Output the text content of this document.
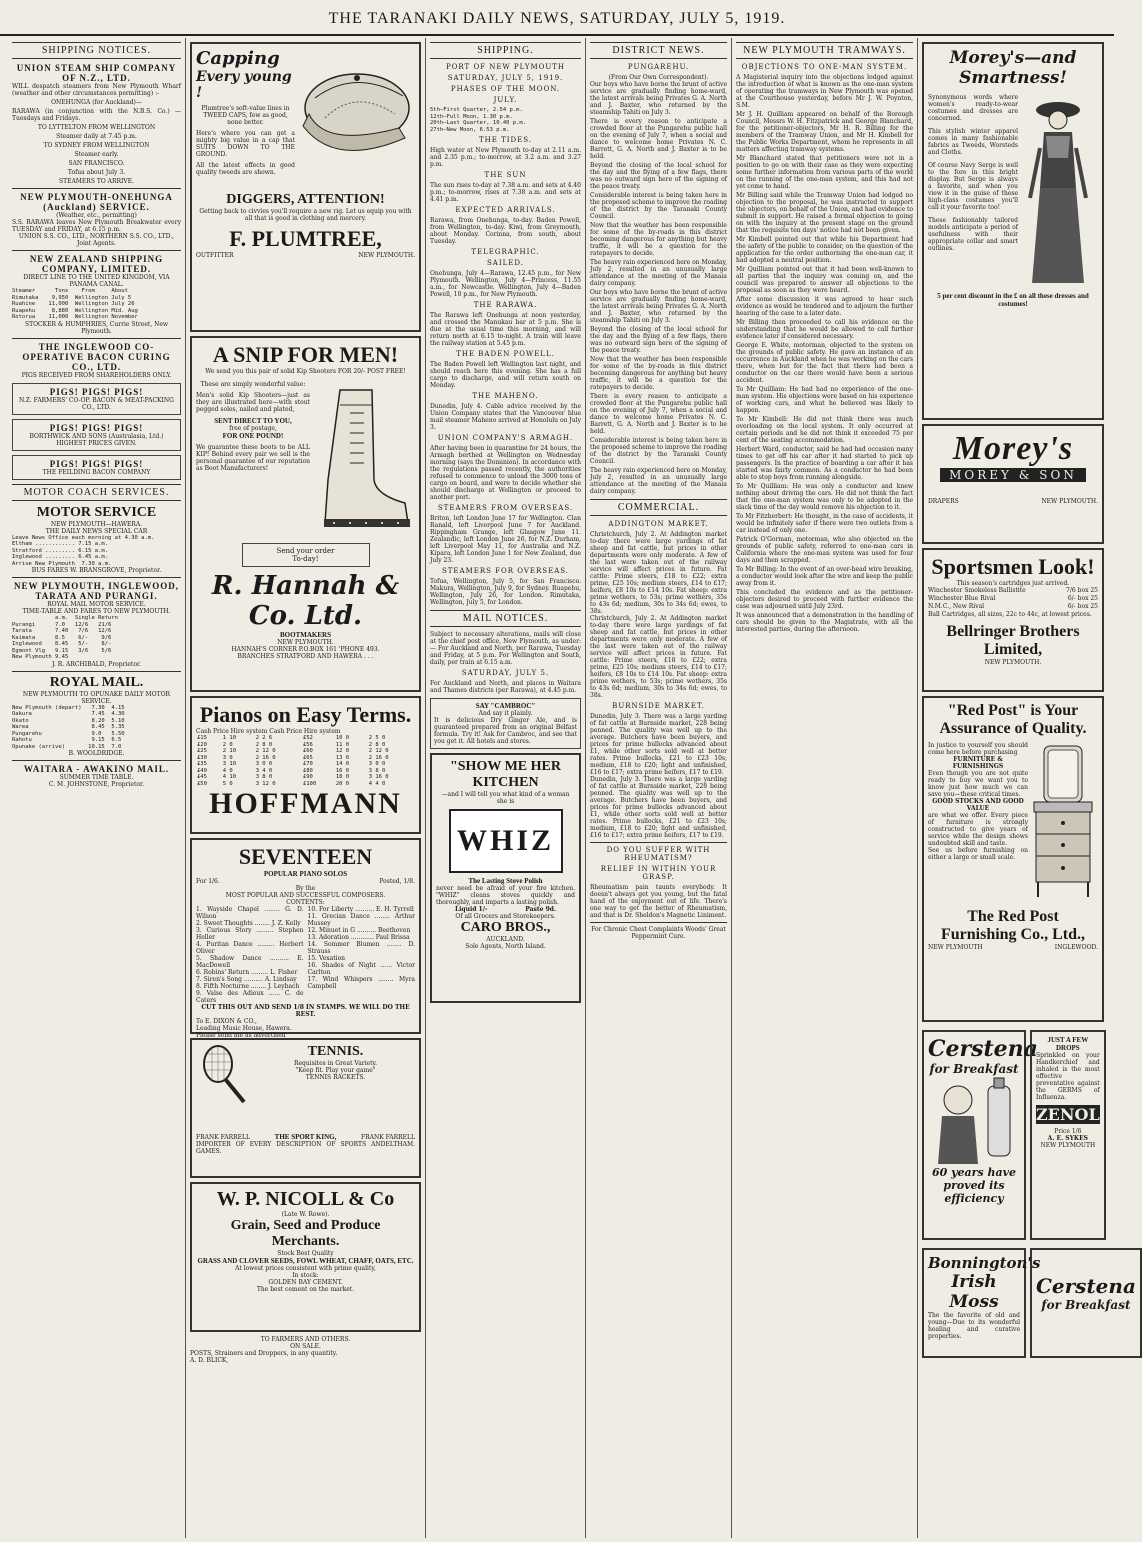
THE TARANAKI DAILY NEWS, SATURDAY, JULY 5, 1919.
SHIPPING NOTICES.
UNION STEAM SHIP COMPANY OF N.Z., LTD.

WILL despatch steamers from New Plymouth Wharf (weather and other circumstances permitting) :-

ONEHUNGA (for Auckland)—

RARAWA (in conjunction with the N.B.S. Co.) —Tuesdays and Fridays.

TO LYTTELTON FROM WELLINGTON

Steamer daily at 7.45 p.m.

TO SYDNEY FROM WELLINGTON

Steamer early.

SAN FRANCISCO.

Tofua about July 3.

STEAMERS TO ARRIVE.

NEW PLYMOUTH-ONEHUNGA (Auckland) SERVICE.
(Weather, etc., permitting)
S.S. RARAWA leaves New Plymouth Breakwater every TUESDAY and FRIDAY, at 6.15 p.m.
UNION S.S. CO., LTD., NORTHERN S.S. CO., LTD., Joint Agents.
NEW ZEALAND SHIPPING COMPANY, LIMITED.
DIRECT LINE TO THE UNITED KINGDOM, VIA PANAMA CANAL.
Steamer      Tons    From     About
Rimutaka    9,950  Wellington July 5
Ruahine    11,000  Wellington July 26
Ruapehu     8,880  Wellington Mid. Aug
Rotorua    11,000  Wellington November
STOCKER & HUMPHRIES, Currie Street, New Plymouth.
THE INGLEWOOD CO-OPERATIVE BACON CURING CO., LTD.
PIGS RECEIVED FROM SHAREHOLDERS ONLY.
PIGS! PIGS! PIGS!
N.Z. FARMERS' CO-OP. BACON & MEAT-PACKING CO., LTD.
PIGS! PIGS! PIGS!
BORTHWICK AND SONS (Australasia, Ltd.) HIGHEST PRICES GIVEN.
PIGS! PIGS! PIGS!
THE FEILDING BACON COMPANY
MOTOR COACH SERVICES.
MOTOR SERVICE
NEW PLYMOUTH—HAWERA.
THE DAILY NEWS SPECIAL CAR
Leave News Office each morning at 4.30 a.m.
Eltham ............ 7.15 a.m.
Stratford ......... 6.15 a.m.
Inglewood ......... 6.45 a.m.
Arrive New Plymouth  7.30 a.m.
BUS FARES W. BRANSGROVE, Proprietor.
NEW PLYMOUTH, INGLEWOOD, TARATA AND PURANGI.
ROYAL MAIL MOTOR SERVICE.
TIME-TABLE AND FARES TO NEW PLYMOUTH.
a.m.  Single Return
Purangi      7.0   12/6   21/6
Tarata       7.40   7/6   12/6
Kaimata      8.5    6/-    9/6
Inglewood    8.45   5/-    8/-
Egmont Vlg   9.15   3/6    5/6
New Plymouth 9.45
J. R. ARCHIBALD, Proprietor.
ROYAL MAIL.
NEW PLYMOUTH TO OPUNAKE DAILY MOTOR SERVICE.
New Plymouth (depart)   7.30  4.15
Oakura                  7.45  4.30
Okato                   8.20  5.10
Warea                   8.45  5.35
Pungarehu               9.0   5.50
Rahotu                  9.15  6.5
Opunake (arrive)       10.15  7.0
B. WOOLDRIDGE.
WAITARA - AWAKINO MAIL.
SUMMER TIME TABLE.
C. M. JOHNSTONE, Proprietor.
Capping
Every young !
Plumtree's soft-value lines in TWEED CAPS, few as good, none better.
Here's where you can get a mighty big value in a cap that SUITS DOWN TO THE GROUND.
All the latest effects in good quality tweeds are shown.
DIGGERS, ATTENTION!
Getting back to civvies you'll require a new rig. Let us equip you with all that is good in clothing and mercery.
F. PLUMTREE,
OUTFITTER	NEW PLYMOUTH.
A SNIP FOR MEN!
We send you this pair of solid Kip Shooters FOR 20/- POST FREE!
These are simply wonderful value:
Men's solid Kip Shooters—just as they are illustrated here—with stout pegged soles, nailed and plated,
SENT DIRECT TO YOU,
free of postage,
FOR ONE POUND!
We guarantee these boots to be ALL KIP! Behind every pair we sell is the personal guarantee of our reputation as Boot Manufacturers!
Send your order
To-day!
R. Hannah & Co. Ltd.
BOOTMAKERS
NEW PLYMOUTH.
HANNAH'S CORNER P.O.BOX 161 'PHONE 493.
BRANCHES STRATFORD AND HAWERA . . .
Pianos on Easy Terms.
Cash Price Hire system Cash Price Hire system
£15	1 10	2 2 6	£52	10 0	2 5 0
£20	2 0	2 8 0	£56	11 0	2 8 0
£25	2 10	2 12 0	£60	12 0	2 12 0
£30	3 0	2 16 0	£65	13 0	2 16 0
£35	3 10	3 0 0	£70	14 0	3 0 0
£40	4 0	3 4 0	£80	16 0	3 8 0
£45	4 10	3 8 0	£90	18 0	3 16 0
£50	5 0	3 12 0	£100	20 0	4 4 0
HOFFMANN
SEVENTEEN
POPULAR PIANO SOLOS
For 1/6.	Posted, 1/8.
By the
MOST POPULAR AND SUCCESSFUL COMPOSERS.
CONTENTS:
1. Wayside Chapel ........ G. D. Wilson
2. Sweet Thoughts ........ J. Z. Kelly
3. Curious Story ......... Stephen Heller
4. Puritan Dance ......... Herbert Oliver
5. Shadow Dance .......... E. MacDowell
6. Robins' Return ......... L. Fisher
7. Siren's Song .......... A. Lindsay
8. Fifth Nocturne ........ J. Leybach
9. Valse des Adieux ...... C. de Caters
10. For Liberty .......... E. H. Tyrrell
11. Grecian Dance ........ Arthur Mussey
12. Minuet in G .......... Beethoven
13. Adoration ............ Paul Brissa
14. Sommer Blumen ........ D. Strauss
15. Vexation
16. Shades of Night ...... Victor Carlton
17. Wind Whispers ........ Myra Campbell
CUT THIS OUT AND SEND 1/8 IN STAMPS. WE WILL DO THE REST.
To E. DIXON & CO.,
Leading Music House, Hawera.
Please send me as advertised
TENNIS.
Requisites in Great Variety.
"Keep fit. Play your game"
TENNIS RACKETS.
FRANK FARRELL	THE SPORT KING,	FRANK FARRELL
IMPORTER OF EVERY DESCRIPTION OF SPORTS AND GAMES.
ELTHAM.
W. P. NICOLL & Co
(Late W. Rowe).
Grain, Seed and Produce Merchants.
Stock Best Quality
GRASS AND CLOVER SEEDS, FOWL WHEAT, CHAFF, OATS, ETC.
At lowest prices consistent with prime quality,
In stock:
GOLDEN BAY CEMENT.
The best cement on the market.
TO FARMERS AND OTHERS.
ON SALE.
POSTS, Strainers and Droppers, in any quantity.
A. D. BLICK,
SHIPPING.
PORT OF NEW PLYMOUTH
SATURDAY, JULY 5, 1919.
PHASES OF THE MOON.
JULY.
5th—First Quarter, 2.54 p.m.
12th—Full Moon, 1.30 p.m.
20th—Last Quarter, 10.40 p.m.
27th—New Moon, 6.53 p.m.
THE TIDES.
High water at New Plymouth to-day at 2.11 a.m. and 2.35 p.m.; to-morrow, at 3.2 a.m. and 3.27 p.m.
THE SUN
The sun rises to-day at 7.38 a.m. and sets at 4.40 p.m.; to-morrow, rises at 7.38 a.m. and sets at 4.41 p.m.
EXPECTED ARRIVALS.
Rarawa, from Onehunga, to-day. Baden Powell, from Wellington, to-day. Kiwi, from Greymouth, about Monday. Corinna, from south, about Tuesday.
TELEGRAPHIC.
SAILED.
Onehunga, July 4—Rarawa, 12.45 p.m., for New Plymouth. Wellington, July 4—Princess, 11.55 a.m., for Newcastle. Wellington, July 4—Baden Powell, 10 p.m., for New Plymouth.
THE RARAWA.
The Rarawa left Onehunga at noon yesterday, and crossed the Manukau bar at 5 p.m. She is due at the usual time this morning, and will return north at 6.15 to-night. A train will leave the railway station at 5.45 p.m.
THE BADEN POWELL.
The Baden Powell left Wellington last night, and should reach here this evening. She has a full cargo to discharge, and will return south on Monday.
THE MAHENO.
Dunedin, July 4. Cable advice received by the Union Company states that the Vancouver blue mail steamer Maheno arrived at Honolulu on July 3.
UNION COMPANY'S ARMAGH.
After having been in quarantine for 24 hours, the Armagh berthed at Wellington on Wednesday morning (says the Dominion). In accordance with the regulations passed recently, the authorities refused to commence to unload the 3000 tons of cargo on board, and were to decide whether she should discharge at Wellington or proceed to another port.
STEAMERS FROM OVERSEAS.
Briton, left London June 17 for Wellington. Clan Ranald, left Liverpool June 7 for Auckland. Rippingham Grange, left Glasgow June 11. Zealandic, left London June 26, for N.Z. Durham, left Liverpool May 11, for Australia and N.Z. Kipara, left London June 1 for New Zealand, due July 23.
STEAMERS FOR OVERSEAS.
Tofua, Wellington, July 5, for San Francisco. Makura, Wellington, July 9, for Sydney. Ruapehu, Wellington, July 26, for London. Rimutaka, Wellington, July 5, for London.
MAIL NOTICES.
Subject to necessary alterations, mails will close at the chief post office, New Plymouth, as under:— For Auckland and North, per Rarawa, Tuesday and Friday, at 5 p.m. For Wellington and South, daily, per train at 6.15 a.m.
SATURDAY, JULY 5.
For Auckland and North, and places in Waitara and Thames districts (per Rarawa), at 4.45 p.m.
SAY "CAMBROC"
And say it plainly.
It is delicious Dry Ginger Ale, and is guaranteed prepared from an original Belfast formula. Try it! Ask for Cambroc, and see that you get it. All hotels and stores.
"SHOW ME HER KITCHEN
—and I will tell you what kind of a woman she is
WHIZ
The Lasting Stove Polish
never need be afraid of your fire kitchen. "WHIZ" cleans stoves quickly and thoroughly, and imparts a lasting polish.
Liquid 1/-	Paste 9d.
Of all Grocers and Storekeepers.
CARO BROS.,
AUCKLAND.
Sole Agents, North Island.
DISTRICT NEWS.
PUNGAREHU.
(From Our Own Correspondent).

Our boys who have borne the brunt of active service are gradually finding home-ward, the latest arrivals being Privates G. A. North and J. Baxter, who returned by the steamship Tahiti on July 3.

There is every reason to anticipate a crowded floor at the Pungarehu public hall on the evening of July 7, when a social and dance to welcome home Privates N. C. Barrett, G. A. North and J. Baxter is to be held.

Beyond the closing of the local school for the day and the flying of a few flags, there was no outward sign here of the signing of the peace treaty.

Considerable interest is being taken here in the proposed scheme to improve the roading of the district by the Taranaki County Council.

Now that the weather has been responsible for some of the by-roads in this district becoming dangerous for anything but heavy traffic, it will be a question for the ratepayers to decide.

The heavy rain experienced here on Monday, July 2, resulted in an unusually large attendance at the meeting of the Manaia dairy company.

Our boys who have borne the brunt of active service are gradually finding home-ward, the latest arrivals being Privates G. A. North and J. Baxter, who returned by the steamship Tahiti on July 3.

Beyond the closing of the local school for the day and the flying of a few flags, there was no outward sign here of the signing of the peace treaty.

Now that the weather has been responsible for some of the by-roads in this district becoming dangerous for anything but heavy traffic, it will be a question for the ratepayers to decide.

There is every reason to anticipate a crowded floor at the Pungarehu public hall on the evening of July 7, when a social and dance to welcome home Privates N. C. Barrett, G. A. North and J. Baxter is to be held.

Considerable interest is being taken here in the proposed scheme to improve the roading of the district by the Taranaki County Council.

The heavy rain experienced here on Monday, July 2, resulted in an unusually large attendance at the meeting of the Manaia dairy company.

COMMERCIAL.
ADDINGTON MARKET.
Christchurch, July 2. At Addington market to-day there were large yardings of fat sheep and fat cattle, but prices in other departments were only moderate. A few of the last were taken out of the railway service will affect prices in future. Fat cattle: Prime steers, £18 to £22; extra prime, £25 10s; medium steers, £14 to £17; heifers, £8 10s to £14 10s. Fat sheep: extra prime wethers, to 53s; prime wethers, 35s to 43s 6d; medium, 30s to 34s 6d; ewes, to 38s.
Christchurch, July 2. At Addington market to-day there were large yardings of fat sheep and fat cattle, but prices in other departments were only moderate. A few of the last were taken out of the railway service will affect prices in future. Fat cattle: Prime steers, £18 to £22; extra prime, £25 10s; medium steers, £14 to £17; heifers, £8 10s to £14 10s. Fat sheep: extra prime wethers, to 53s; prime wethers, 35s to 43s 6d; medium, 30s to 34s 6d; ewes, to 38s.
BURNSIDE MARKET.
Dunedin, July 3. There was a large yarding of fat cattle at Burnside market, 228 being penned. The quality was well up to the average. Butchers have been buyers, and prices for prime bullocks advanced about £1, while other sorts sold well at better rates. Prime bullocks, £21 to £23 10s; medium, £18 to £20; light and unfinished, £16 to £17; extra prime heifers, £17 to £19.
Dunedin, July 3. There was a large yarding of fat cattle at Burnside market, 228 being penned. The quality was well up to the average. Butchers have been buyers, and prices for prime bullocks advanced about £1, while other sorts sold well at better rates. Prime bullocks, £21 to £23 10s; medium, £18 to £20; light and unfinished, £16 to £17; extra prime heifers, £17 to £19.
DO YOU SUFFER WITH RHEUMATISM?
RELIEF IN WITHIN YOUR GRASP.
Rheumatism pain taunts everybody. It doesn't always get you young, but the fatal hand of the enjoyment out of life. There's one way to get the better of Rheumatism, and that is Dr. Sheldon's Magnetic Liniment.
For Chronic Chest Complaints Woods' Great Peppermint Cure.
NEW PLYMOUTH TRAMWAYS.
OBJECTIONS TO ONE-MAN SYSTEM.

A Magisterial inquiry into the objections lodged against the introduction of what is known as the one-man system of operating the tramways in New Plymouth was opened at the Courthouse yesterday, before Mr J. W. Poynton, S.M.

Mr J. H. Quilliam appeared on behalf of the Borough Council, Messrs W. H. Fitzpatrick and George Blanchard, for the petitioner-objectors, Mr H. R. Billing for the members of the Tramway Union, and Mr H. Kimbell for the Public Works Department, whom he represents in all matters affecting tramway systems.

Mr Blanchard stated that petitioners were not in a position to go on with their case as they were expecting some further information from various parts of the world on the running of the one-man system, and this had not yet come to hand.

Mr Billing said while the Tramway Union had lodged no objection to the proposal, he was instructed to support the objectors, on behalf of the Union, and had evidence to submit in support. He raised a formal objection to going on with the inquiry at the present stage on the ground that the requisite ten days' notice had not been given.

Mr Kimbell pointed out that while his Department had the safety of the public to consider, on the question of the application for the order authorising the one-man car, it had adopted a neutral position.

Mr Quilliam pointed out that it had been well-known to all parties that the inquiry was coming on, and the council was prepared to answer all objections to the proposal as soon as they were heard.

After some discussion it was agreed to hear such evidence as would be tendered and to adjourn the further hearing of the case to a later date.

Mr Billing then proceeded to call his evidence on the understanding that he would be allowed to call further evidence later if considered necessary.

George E. White, motorman, objected to the system on the grounds of public safety. He gave an instance of an occurrence in Auckland when he was working on the cars there, when but for the fact that there had been a conductor on the car there would have been a serious accident.

To Mr Quilliam: He had had no experience of the one-man system. His objections were based on his experience of working cars, and what he believed was likely to happen.

To Mr Kimbell: He did not think there was much overloading on the local system. It only occurred at certain periods and he did not think it exceeded 75 per cent of the seating accommodation.

Herbert Ward, conductor, said he had had occasion many times to get off his car after it had started to pick up passengers. In the practice of boarding a car after it has started was fairly common. As a conductor he had been able to stop boys from running alongside.

To Mr Quilliam: He was only a conductor and knew nothing about driving the cars. He did not think the fact that the one-man system was only to be adopted in the slack time of the day would remove his objection to it.

To Mr Fitzherbert: He thought, in the case of accidents, it would be infinitely safer if there were two outlets from a car instead of only one.

Patrick O'Gorman, motorman, who also objected on the grounds of public safety, referred to one-man cars in California where the one-man system was used for four days and then scrapped.

To Mr Billing: In the event of an over-head wire breaking, a conductor would look after the wire and keep the public away from it.

This concluded the evidence and as the petitioner-objectors desired to proceed with further evidence the case was adjourned until July 23rd.

It was announced that a demonstration in the handling of cars should be given to the Magistrate, with all the interested parties, during the afternoon.

Morey's—and Smartness!
Synonymous words where women's ready-to-wear costumes and dresses are concerned.
This stylish winter apparel comes in many fashionable fabrics as Tweeds, Worsteds and Cloths.
Of course Navy Serge is well to the fore in this bright display. But Serge is always a favorite, and when you view it in the guise of these high-class costumes you'll call it your favorite too!
These fashionably tailored models anticipate a period of usefulness with their appropriate collar and smart outlines.
5 per cent discount in the £ on all these dresses and costumes!
Morey's
MOREY & SON
DRAPERS	NEW PLYMOUTH.
Sportsmen Look!
This season's cartridges just arrived.
Winchester Smokeless Ballistite	7/6 box 25
Winchester Blue Rival	6/- box 25
N.M.C., New Rival	6/- box 25
Ball Cartridges, all sizes, 22c to 44c, at lowest prices.
Bellringer Brothers Limited,
NEW PLYMOUTH.
"Red Post" is Your Assurance of Quality.
In justice to yourself you should come here before purchasing
FURNITURE & FURNISHINGS
Even though you are not quite ready to buy we want you to know just how much we can save you—these critical times.
GOOD STOCKS AND GOOD VALUE
are what we offer. Every piece of furniture is strongly constructed to give years of service while the design shows undoubted skill and taste.
See us before furnishing on either a large or small scale.
The Red Post Furnishing Co., Ltd.,
NEW PLYMOUTH	INGLEWOOD.
Cerstena
for Breakfast
60 years have proved its efficiency
JUST A FEW DROPS
Sprinkled on your Handkerchief and inhaled is the most effective preventative against the GERMS of Influenza.
ZENOL
Price 1/6
A. E. SYKES
NEW PLYMOUTH
Bonnington's
Irish Moss
The the favorite of old and young—Due to its wonderful healing and curative properties.
Cerstena
for Breakfast
